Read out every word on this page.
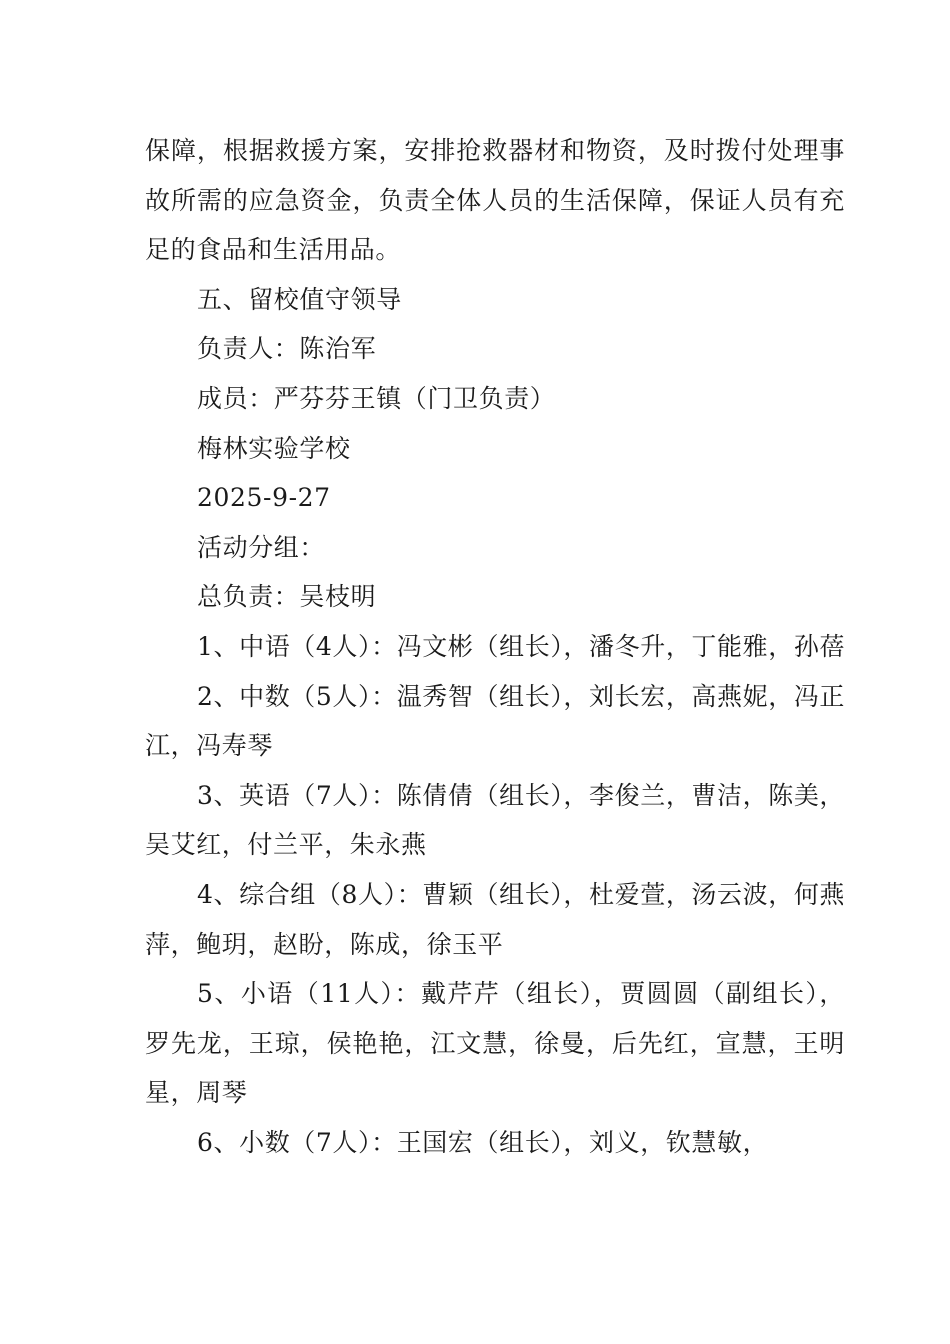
保障，根据救援方案，安排抢救器材和物资，及时拨付处理事故所需的应急资金，负责全体人员的生活保障，保证人员有充足的食品和生活用品。

五、留校值守领导

负责人：陈治军

成员：严芬芬王镇（门卫负责）

梅林实验学校

2025-9-27

活动分组：

总负责：吴枝明

1、中语（4人）：冯文彬（组长），潘冬升，丁能雅，孙蓓

2、中数（5人）：温秀智（组长），刘长宏，高燕妮，冯正江，冯寿琴

3、英语（7人）：陈倩倩（组长），李俊兰，曹洁，陈美，吴艾红，付兰平，朱永燕

4、综合组（8人）：曹颖（组长），杜爱萱，汤云波，何燕萍，鲍玥，赵盼，陈成，徐玉平

5、小语（11人）：戴芹芹（组长），贾圆圆（副组长），罗先龙，王琼，侯艳艳，江文慧，徐曼，后先红，宣慧，王明星，周琴

6、小数（7人）：王国宏（组长），刘义，钦慧敏，
